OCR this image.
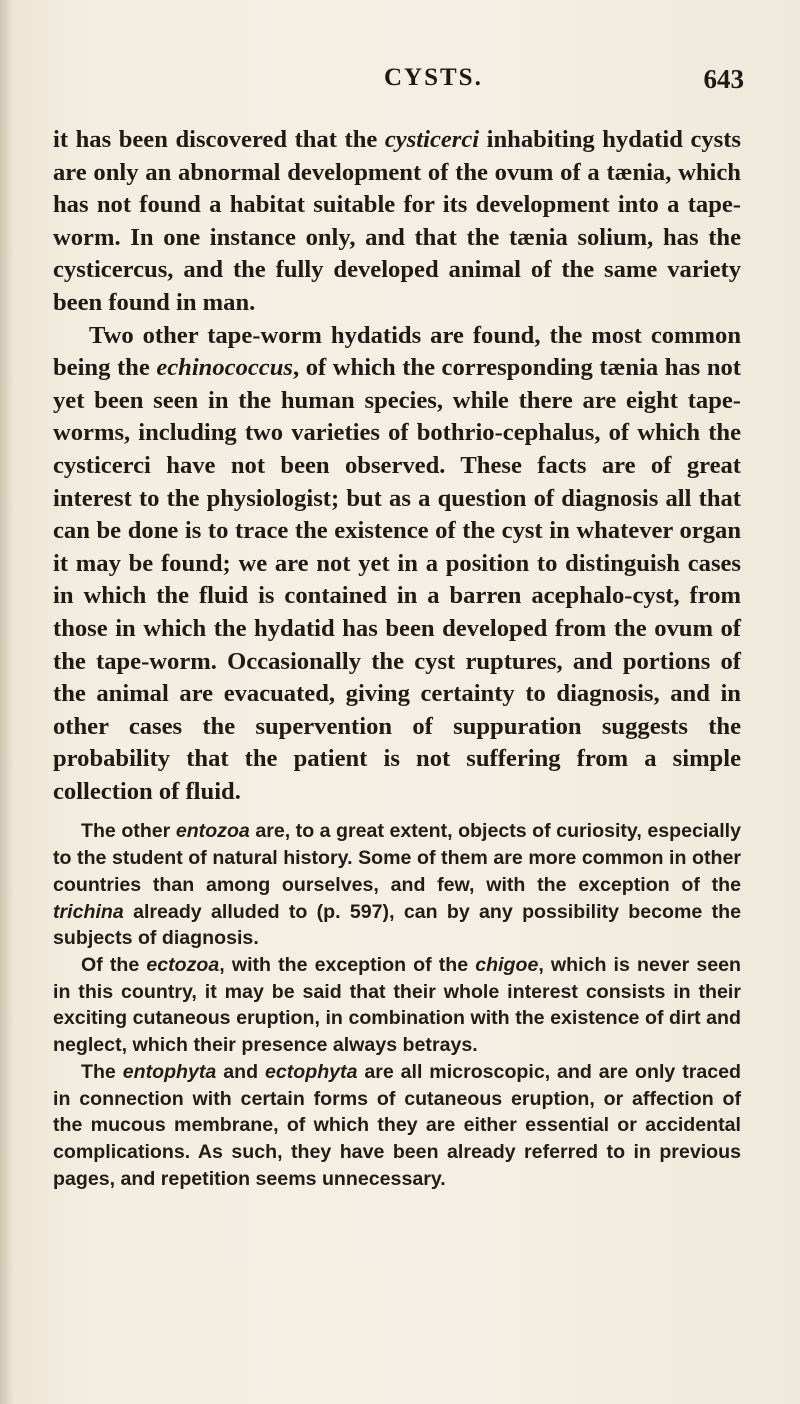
CYSTS.	643

it has been discovered that the cysticerci inhabiting hydatid cysts are only an abnormal development of the ovum of a tænia, which has not found a habitat suitable for its development into a tape-worm. In one instance only, and that the tænia solium, has the cysticercus, and the fully developed animal of the same variety been found in man.

Two other tape-worm hydatids are found, the most common being the echinococcus, of which the corresponding tænia has not yet been seen in the human species, while there are eight tape-worms, including two varieties of bothrio-cephalus, of which the cysticerci have not been observed. These facts are of great interest to the physiologist; but as a question of diagnosis all that can be done is to trace the existence of the cyst in whatever organ it may be found; we are not yet in a position to distinguish cases in which the fluid is contained in a barren acephalo-cyst, from those in which the hydatid has been developed from the ovum of the tape-worm. Occasionally the cyst ruptures, and portions of the animal are evacuated, giving certainty to diagnosis, and in other cases the supervention of suppuration suggests the probability that the patient is not suffering from a simple collection of fluid.

The other entozoa are, to a great extent, objects of curiosity, especially to the student of natural history. Some of them are more common in other countries than among ourselves, and few, with the exception of the trichina already alluded to (p. 597), can by any possibility become the subjects of diagnosis.

Of the ectozoa, with the exception of the chigoe, which is never seen in this country, it may be said that their whole interest consists in their exciting cutaneous eruption, in combination with the existence of dirt and neglect, which their presence always betrays.

The entophyta and ectophyta are all microscopic, and are only traced in connection with certain forms of cutaneous eruption, or affection of the mucous membrane, of which they are either essential or accidental complications. As such, they have been already referred to in previous pages, and repetition seems unnecessary.
